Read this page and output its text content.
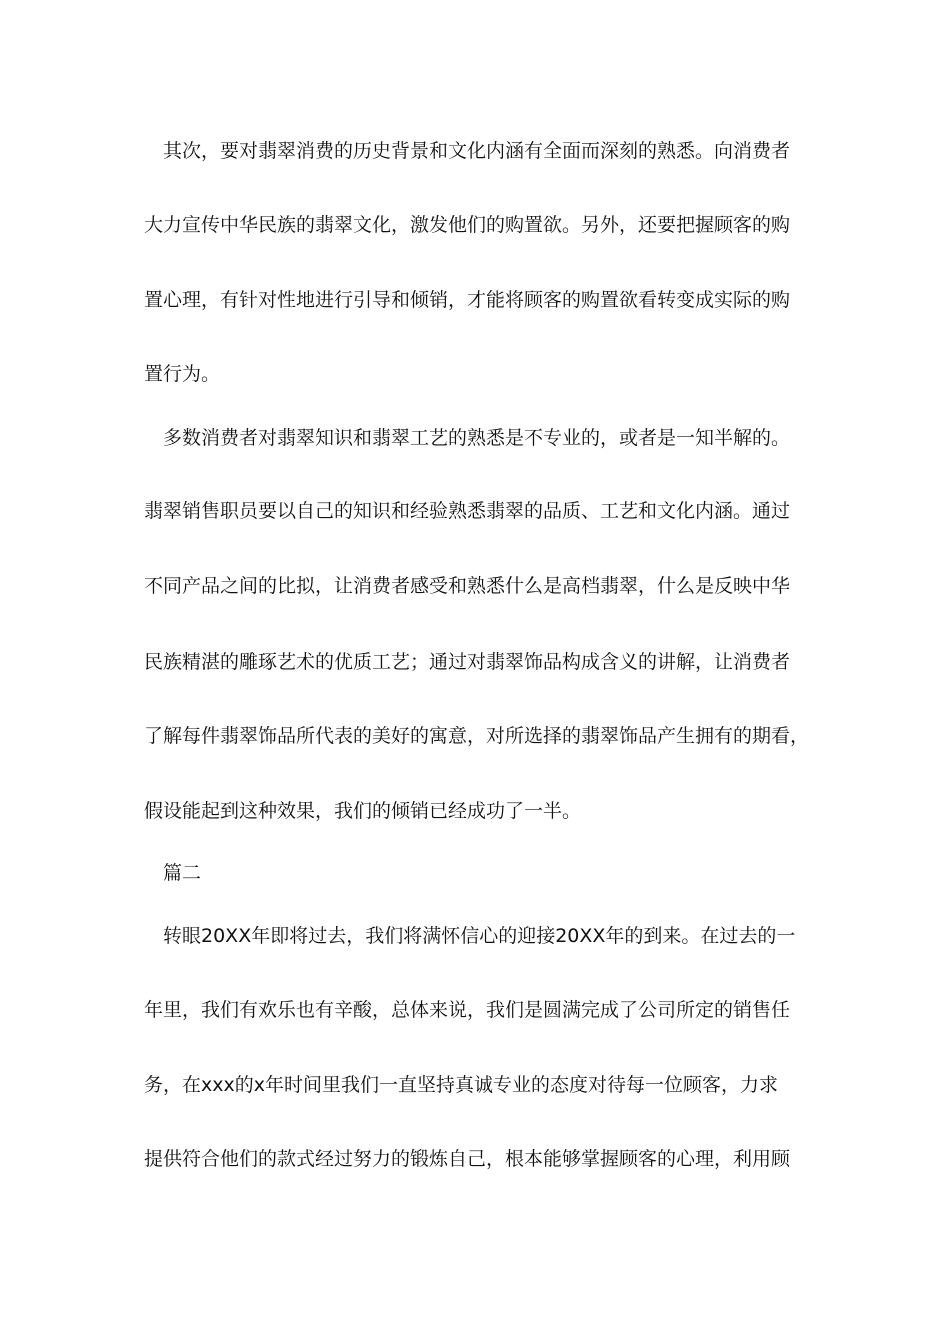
其次，要对翡翠消费的历史背景和文化内涵有全面而深刻的熟悉。向消费者
大力宣传中华民族的翡翠文化，激发他们的购置欲。另外，还要把握顾客的购
置心理，有针对性地进行引导和倾销，才能将顾客的购置欲看转变成实际的购
置行为。
多数消费者对翡翠知识和翡翠工艺的熟悉是不专业的，或者是一知半解的。
翡翠销售职员要以自己的知识和经验熟悉翡翠的品质、工艺和文化内涵。通过
不同产品之间的比拟，让消费者感受和熟悉什么是高档翡翠，什么是反映中华
民族精湛的雕琢艺术的优质工艺；通过对翡翠饰品构成含义的讲解，让消费者
了解每件翡翠饰品所代表的美好的寓意，对所选择的翡翠饰品产生拥有的期看，
假设能起到这种效果，我们的倾销已经成功了一半。
篇二
转眼20XX年即将过去，我们将满怀信心的迎接20XX年的到来。在过去的一
年里，我们有欢乐也有辛酸，总体来说，我们是圆满完成了公司所定的销售任
务，在xxx的x年时间里我们一直坚持真诚专业的态度对待每一位顾客，力求
提供符合他们的款式经过努力的锻炼自己，根本能够掌握顾客的心理，利用顾
